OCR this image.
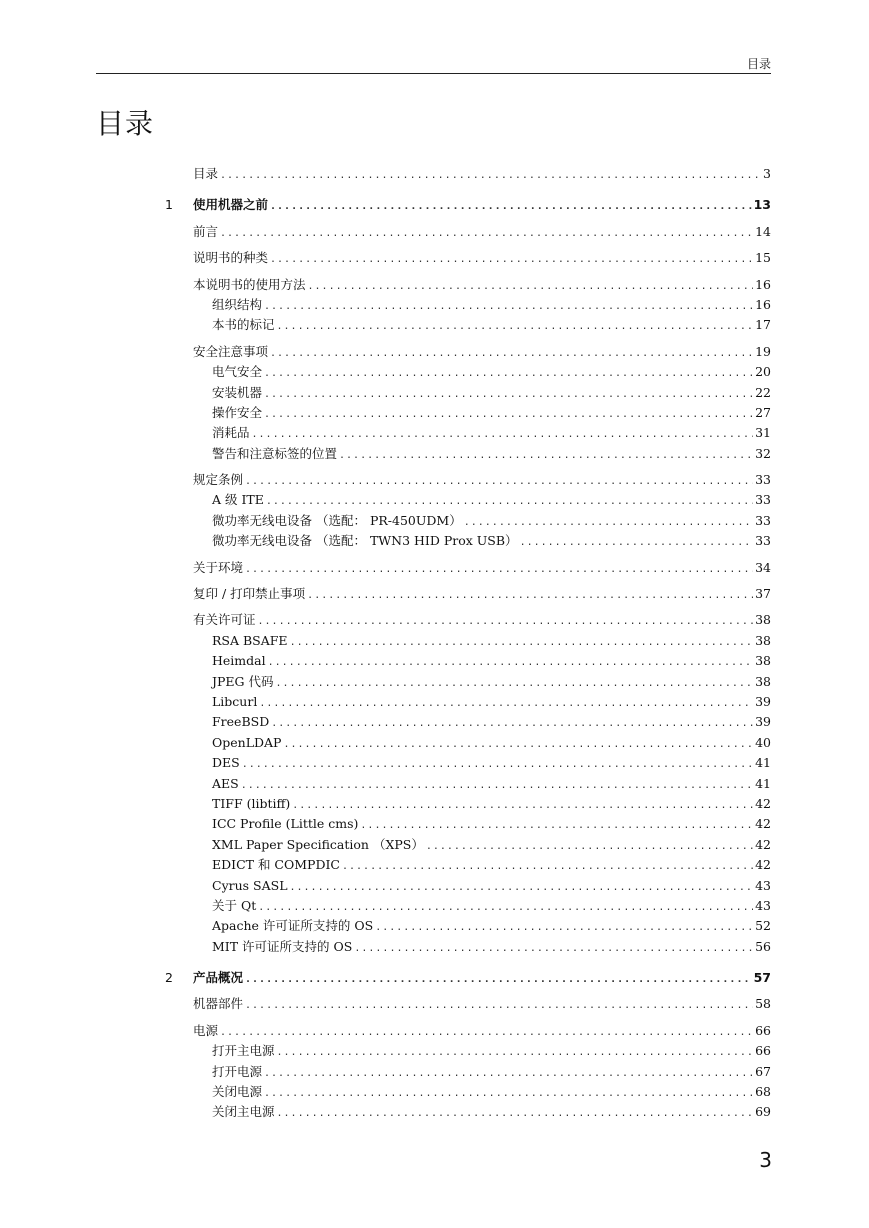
目录
目录
目录 .....	3
1 使用机器之前 .....	13
前言 .....	14
说明书的种类 .....	15
本说明书的使用方法 .....	16
组织结构 .....	16
本书的标记 .....	17
安全注意事项 .....	19
电气安全 .....	20
安装机器 .....	22
操作安全 .....	27
消耗品 .....	31
警告和注意标签的位置 .....	32
规定条例 .....	33
A 级 ITE .....	33
微功率无线电设备 （选配： PR-450UDM） .....	33
微功率无线电设备 （选配： TWN3 HID Prox USB） .....	33
关于环境 .....	34
复印 / 打印禁止事项 .....	37
有关许可证 .....	38
RSA BSAFE .....	38
Heimdal .....	38
JPEG 代码 .....	38
Libcurl .....	39
FreeBSD .....	39
OpenLDAP .....	40
DES .....	41
AES .....	41
TIFF (libtiff) .....	42
ICC Profile (Little cms) .....	42
XML Paper Specification （XPS） .....	42
EDICT 和 COMPDIC .....	42
Cyrus SASL .....	43
关于 Qt .....	43
Apache 许可证所支持的 OS .....	52
MIT 许可证所支持的 OS .....	56
2 产品概况 .....	57
机器部件 .....	58
电源 .....	66
打开主电源 .....	66
打开电源 .....	67
关闭电源 .....	68
关闭主电源 .....	69
3
